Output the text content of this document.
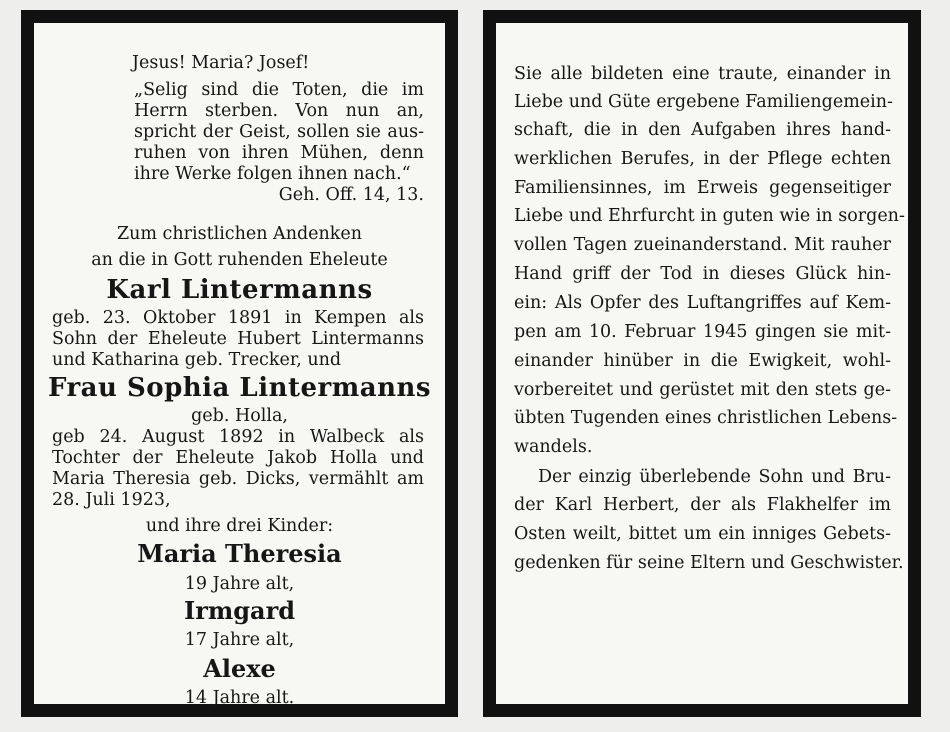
Jesus! Maria? Josef!
„Selig sind die Toten, die im
Herrn sterben. Von nun an,
spricht der Geist, sollen sie aus-
ruhen von ihren Mühen, denn
ihre Werke folgen ihnen nach.“
Geh. Off. 14, 13.
Zum christlichen Andenken
an die in Gott ruhenden Eheleute
Karl Lintermanns
geb. 23. Oktober 1891 in Kempen als
Sohn der Eheleute Hubert Lintermanns
und Katharina geb. Trecker, und
Frau Sophia Lintermanns
geb. Holla,
geb 24. August 1892 in Walbeck als
Tochter der Eheleute Jakob Holla und
Maria Theresia geb. Dicks, vermählt am
28. Juli 1923,
und ihre drei Kinder:
Maria Theresia
19 Jahre alt,
Irmgard
17 Jahre alt,
Alexe
14 Jahre alt.
Sie alle bildeten eine traute, einander in
Liebe und Güte ergebene Familiengemein-
schaft, die in den Aufgaben ihres hand-
werklichen Berufes, in der Pflege echten
Familiensinnes, im Erweis gegenseitiger
Liebe und Ehrfurcht in guten wie in sorgen-
vollen Tagen zueinanderstand. Mit rauher
Hand griff der Tod in dieses Glück hin-
ein: Als Opfer des Luftangriffes auf Kem-
pen am 10. Februar 1945 gingen sie mit-
einander hinüber in die Ewigkeit, wohl-
vorbereitet und gerüstet mit den stets ge-
übten Tugenden eines christlichen Lebens-
wandels.
Der einzig überlebende Sohn und Bru-
der Karl Herbert, der als Flakhelfer im
Osten weilt, bittet um ein inniges Gebets-
gedenken für seine Eltern und Geschwister.
